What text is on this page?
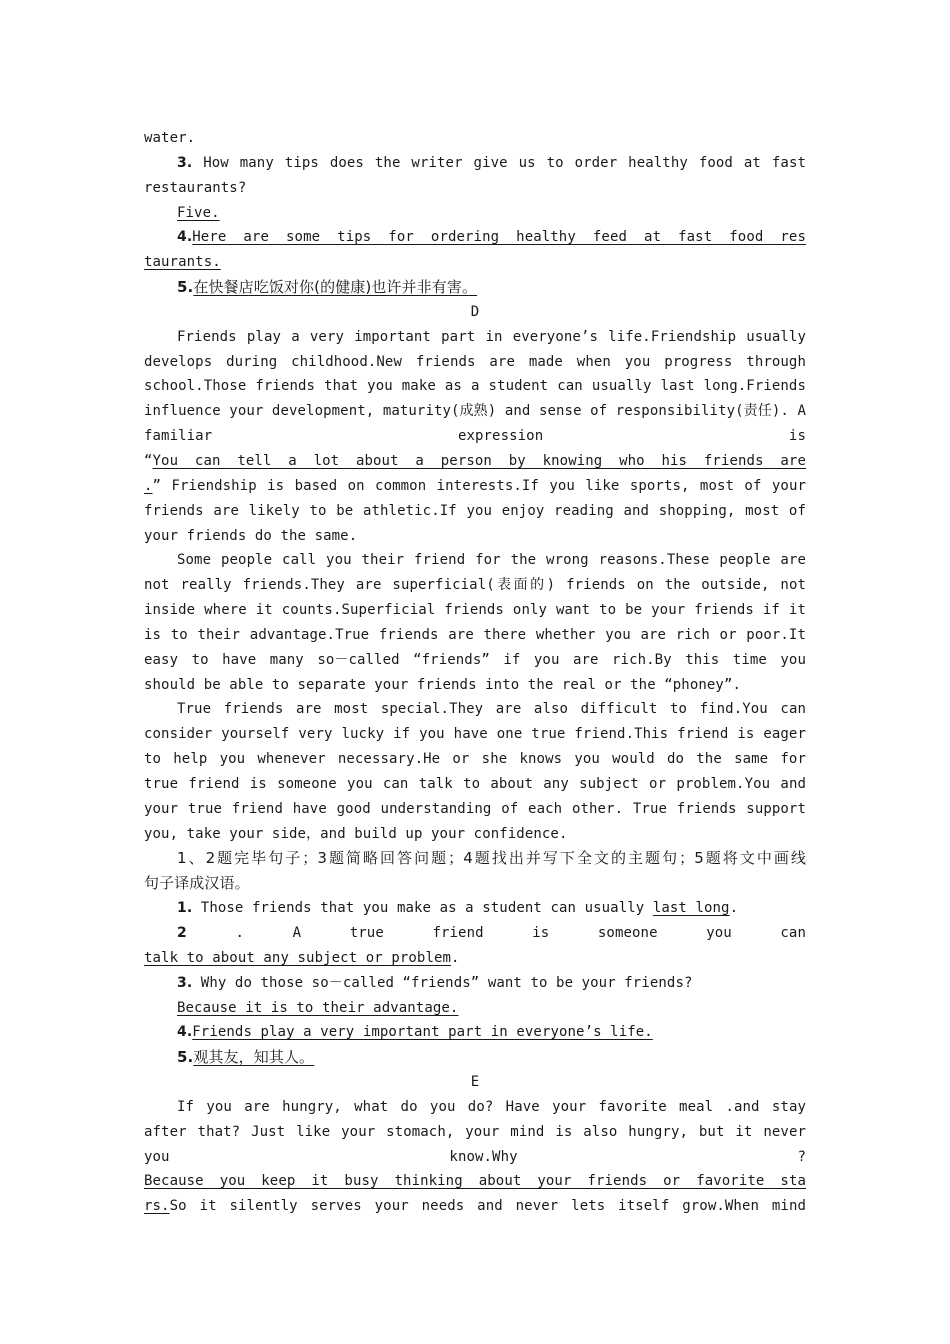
water.
3. How many tips does the writer give us to order healthy food at fast
restaurants?
Five.
4.Here are some tips for ordering healthy feed at fast food res
taurants.
5.在快餐店吃饭对你(的健康)也许并非有害。
D
Friends play a very important part in everyone’s life.Friendship usually
develops during childhood.New friends are made when you progress through
school.Those friends that you make as a student can usually last long.Friends
influence your development, maturity(成熟) and sense of responsibility(责任). A
familiar expression is
“You can tell a lot about a person by knowing who his friends are
.” Friendship is based on common interests.If you like sports, most of your
friends are likely to be athletic.If you enjoy reading and shopping, most of
your friends do the same.
Some people call you their friend for the wrong reasons.These people are
not really friends.They are superficial(表面的) friends on the outside, not
inside where it counts.Superficial friends only want to be your friends if it
is to their advantage.True friends are there whether you are rich or poor.It
easy to have many so－called “friends” if you are rich.By this time you
should be able to separate your friends into the real or the “phoney”.
True friends are most special.They are also difficult to find.You can
consider yourself very lucky if you have one true friend.This friend is eager
to help you whenever necessary.He or she knows you would do the same for
true friend is someone you can talk to about any subject or problem.You and
your true friend have good understanding of each other. True friends support
you, take your side，and build up your confidence.
1、2题完毕句子；3题简略回答问题；4题找出并写下全文的主题句；5题将文中画线
句子译成汉语。
1. Those friends that you make as a student can usually last long.
2 . A true friend is someone you can
talk to about any subject or problem.
3. Why do those so－called “friends” want to be your friends?
Because it is to their advantage.
4.Friends play a very important part in everyone’s life.
5.观其友，知其人。
E
If you are hungry, what do you do? Have your favorite meal .and stay
after that? Just like your stomach, your mind is also hungry, but it never
you know.Why ?
Because you keep it busy thinking about your friends or favorite sta
rs.So it silently serves your needs and never lets itself grow.When mind
